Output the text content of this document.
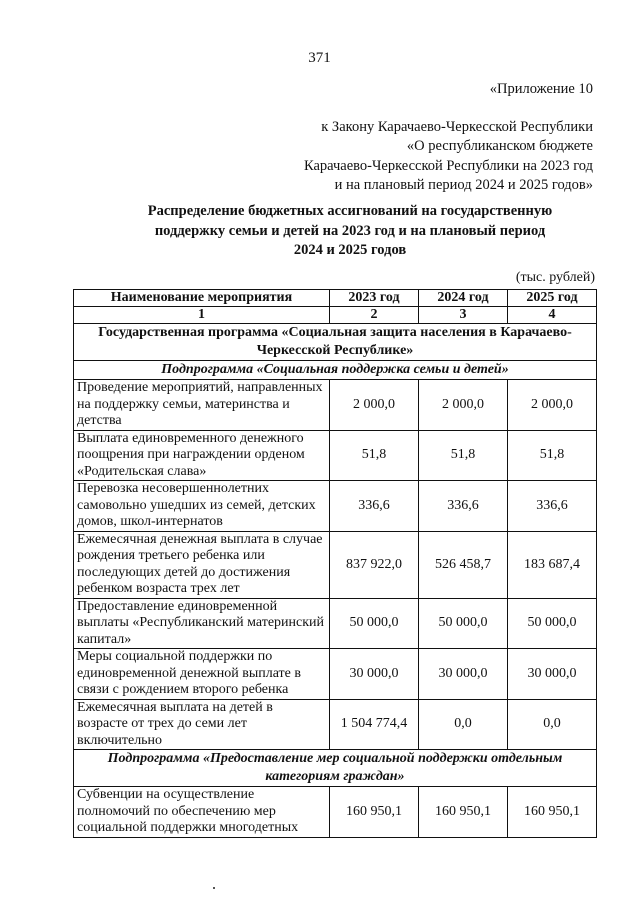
371
«Приложение 10
к Закону Карачаево-Черкесской Республики
«О республиканском бюджете
Карачаево-Черкесской Республики на 2023 год
и на плановый период 2024 и 2025 годов»
Распределение бюджетных ассигнований на государственную
поддержку семьи и детей на 2023 год и на плановый период
2024 и 2025 годов
(тыс. рублей)
Наименование мероприятия	2023 год	2024 год	2025 год
1	2	3	4
Государственная программа «Социальная защита населения в Карачаево-Черкесской Республике»			
Подпрограмма «Социальная поддержка семьи и детей»			
Проведение мероприятий, направленных на поддержку семьи, материнства и детства	2 000,0	2 000,0	2 000,0
Выплата единовременного денежного поощрения при награждении орденом «Родительская слава»	51,8	51,8	51,8
Перевозка несовершеннолетних самовольно ушедших из семей, детских домов, школ-интернатов	336,6	336,6	336,6
Ежемесячная денежная выплата в случае рождения третьего ребенка или последующих детей до достижения ребенком возраста трех лет	837 922,0	526 458,7	183 687,4
Предоставление единовременной выплаты «Республиканский материнский капитал»	50 000,0	50 000,0	50 000,0
Меры социальной поддержки по единовременной денежной выплате в связи с рождением второго ребенка	30 000,0	30 000,0	30 000,0
Ежемесячная выплата на детей в возрасте от трех до семи лет включительно	1 504 774,4	0,0	0,0
Подпрограмма «Предоставление мер социальной поддержки отдельным категориям граждан»			
Субвенции на осуществление полномочий по обеспечению мер социальной поддержки многодетных	160 950,1	160 950,1	160 950,1
